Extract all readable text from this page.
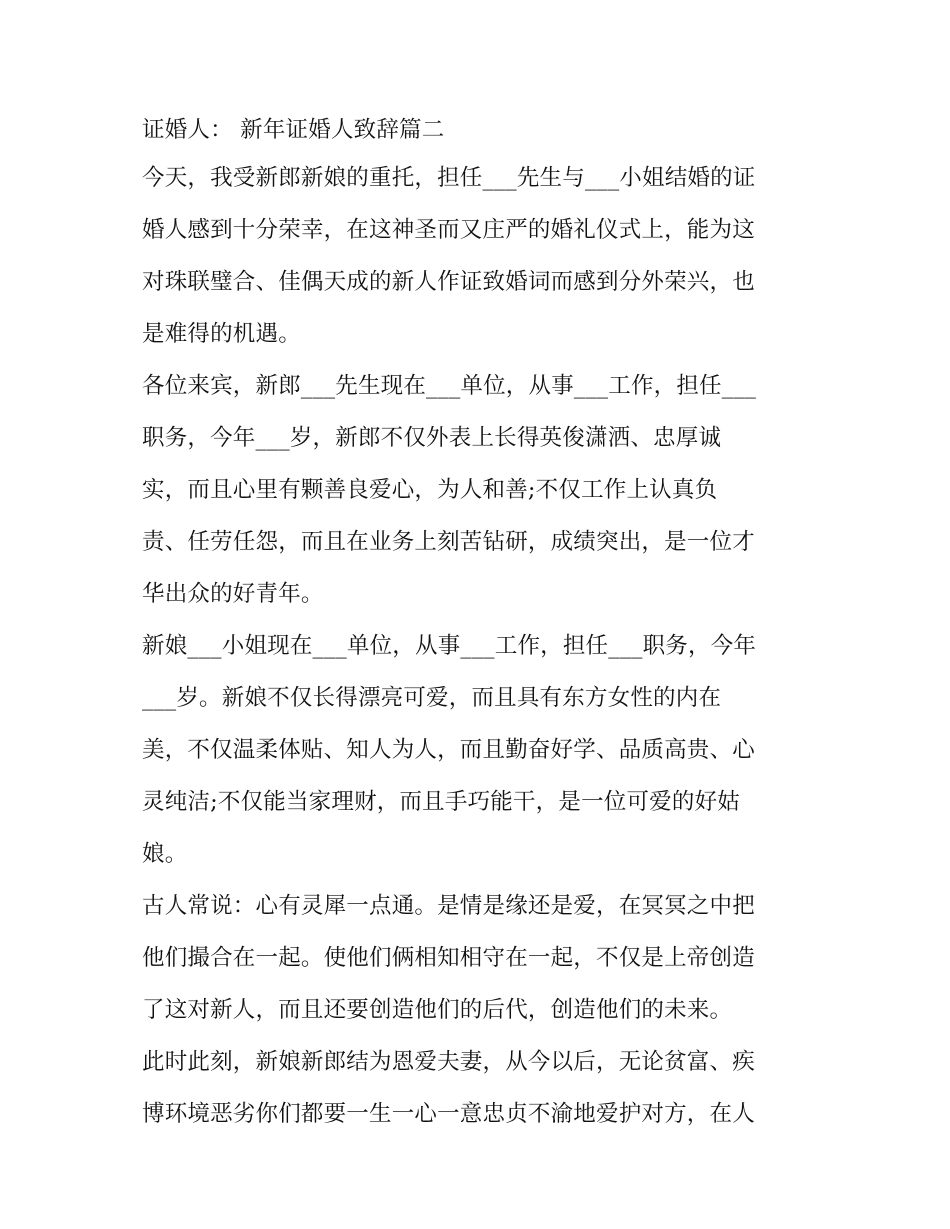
证婚人： 新年证婚人致辞篇二
今天，我受新郎新娘的重托，担任___先生与___小姐结婚的证
婚人感到十分荣幸，在这神圣而又庄严的婚礼仪式上，能为这
对珠联璧合、佳偶天成的新人作证致婚词而感到分外荣兴，也
是难得的机遇。
各位来宾，新郎___先生现在___单位，从事___工作，担任___
职务，今年___岁，新郎不仅外表上长得英俊潇洒、忠厚诚
实，而且心里有颗善良爱心，为人和善;不仅工作上认真负
责、任劳任怨，而且在业务上刻苦钻研，成绩突出，是一位才
华出众的好青年。
新娘___小姐现在___单位，从事___工作，担任___职务，今年
___岁。新娘不仅长得漂亮可爱，而且具有东方女性的内在
美，不仅温柔体贴、知人为人，而且勤奋好学、品质高贵、心
灵纯洁;不仅能当家理财，而且手巧能干，是一位可爱的好姑
娘。
古人常说：心有灵犀一点通。是情是缘还是爱，在冥冥之中把
他们撮合在一起。使他们俩相知相守在一起，不仅是上帝创造
了这对新人，而且还要创造他们的后代，创造他们的未来。
此时此刻，新娘新郎结为恩爱夫妻，从今以后，无论贫富、疾
博环境恶劣你们都要一生一心一意忠贞不渝地爱护对方，在人
